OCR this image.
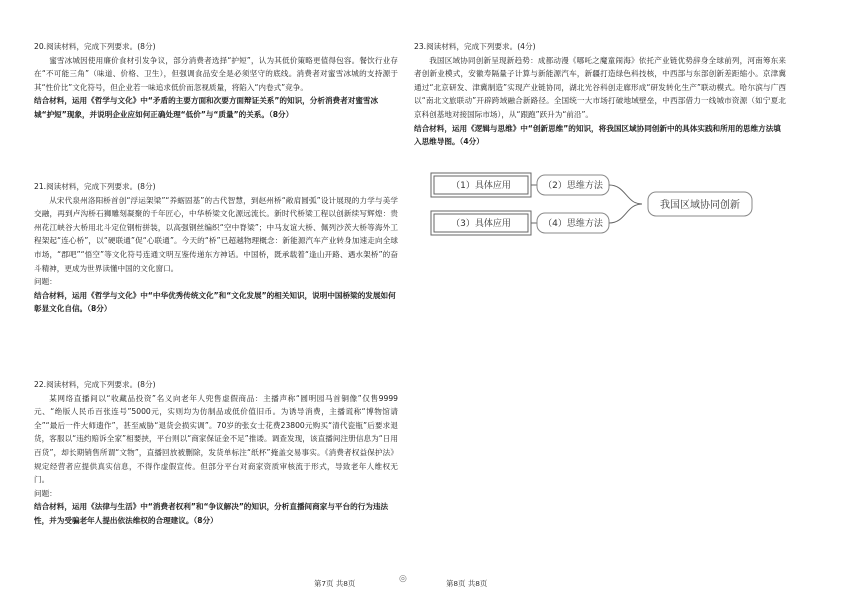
20.阅读材料，完成下列要求。(8分)

蜜雪冰城因使用廉价食材引发争议，部分消费者选择“护短”，认为其低价策略更值得包容。餐饮行业存在“不可能三角”（味道、价格、卫生），但强调食品安全是必须坚守的底线。消费者对蜜雪冰城的支持源于其“性价比”文化符号，但企业若一味追求低价而忽视质量，将陷入“内卷式”竞争。

结合材料，运用《哲学与文化》中“矛盾的主要方面和次要方面辩证关系”的知识，分析消费者对蜜雪冰城“护短”现象，并说明企业应如何正确处理“低价”与“质量”的关系。（8分）

21.阅读材料，完成下列要求。(8分)

从宋代泉州洛阳桥首创“浮运架梁”“养蛎固基”的古代智慧，到赵州桥“敞肩圆弧”设计展现的力学与美学交融，再到卢沟桥石狮雕刻凝聚的千年匠心，中华桥梁文化源远流长。新时代桥梁工程以创新续写辉煌：贵州花江峡谷大桥用北斗定位钢桁拼装，以高强钢丝编织“空中脊梁”；中马友谊大桥、佩列沙茨大桥等海外工程架起“连心桥”，以“硬联通”促“心联通”。今天的“桥”已超越物理概念：新能源汽车产业转身加速走向全球市场，“郡吧”“悟空”等文化符号连通文明互鉴传递东方神话。中国桥，既承载着“逢山开路、遇水架桥”的奋斗精神，更成为世界读懂中国的文化窗口。

问题：

结合材料，运用《哲学与文化》中“中华优秀传统文化”和“文化发展”的相关知识，说明中国桥梁的发展如何彰显文化自信。（8分）

22.阅读材料，完成下列要求。(8分)

某网络直播间以“收藏品投资”名义向老年人兜售虚假商品：主播声称“圆明园马首铜像”仅售9999元、“绝版人民币百张连号”5000元，实则均为仿制品或低价值旧币。为诱导消费，主播谎称“博物馆请全”“最后一件大师遗作”，甚至威胁“退货会损实调”。70岁的张女士花费23800元购买“清代瓷瓶”后要求退货，客服以“违约赔诉全家”相要挟，平台则以“商家保证金不足”推诿。调查发现，该直播间注册信息为“日用百货”，却长期销售所谓“文物”，直播回放被删除，发货单标注“纸杯”掩盖交易事实。《消费者权益保护法》规定经营者应提供真实信息，不得作虚假宣传。但部分平台对商家资质审核流于形式，导致老年人维权无门。

问题：

结合材料，运用《法律与生活》中“消费者权利”和“争议解决”的知识，分析直播间商家与平台的行为违法性，并为受骗老年人提出依法维权的合理建议。（8分）

23.阅读材料，完成下列要求。(4分)

我国区域协同创新呈现新趋势：成都动漫《哪吒之魔童闹海》依托产业链优势辞身全球前列，河南筹东来者创新业模式，安徽寿隔量子计算与新能源汽车，新疆打造绿色科技核，中西部与东部创新差距缩小。京津冀通过“北京研发、津冀制造”实现产业链协同，湖北光谷科创走廊形成“研发转化生产”联动模式。哈尔滨与广西以“南北文旅联动”开辟跨域融合新路径。全国统一大市场打破地域壁垒，中西部借力一线城市资源（如宁夏北京科创基地对接国际市场），从“跟跑”跃升为“前沿”。

结合材料，运用《逻辑与思维》中“创新思维”的知识，将我国区域协同创新中的具体实践和所用的思维方法填入思维导图。（4分）

（1）具体应用
（3）具体应用
（2）思维方法
（4）思维方法
我国区域协同创新
第7页 共8页	◎	第8页 共8页
